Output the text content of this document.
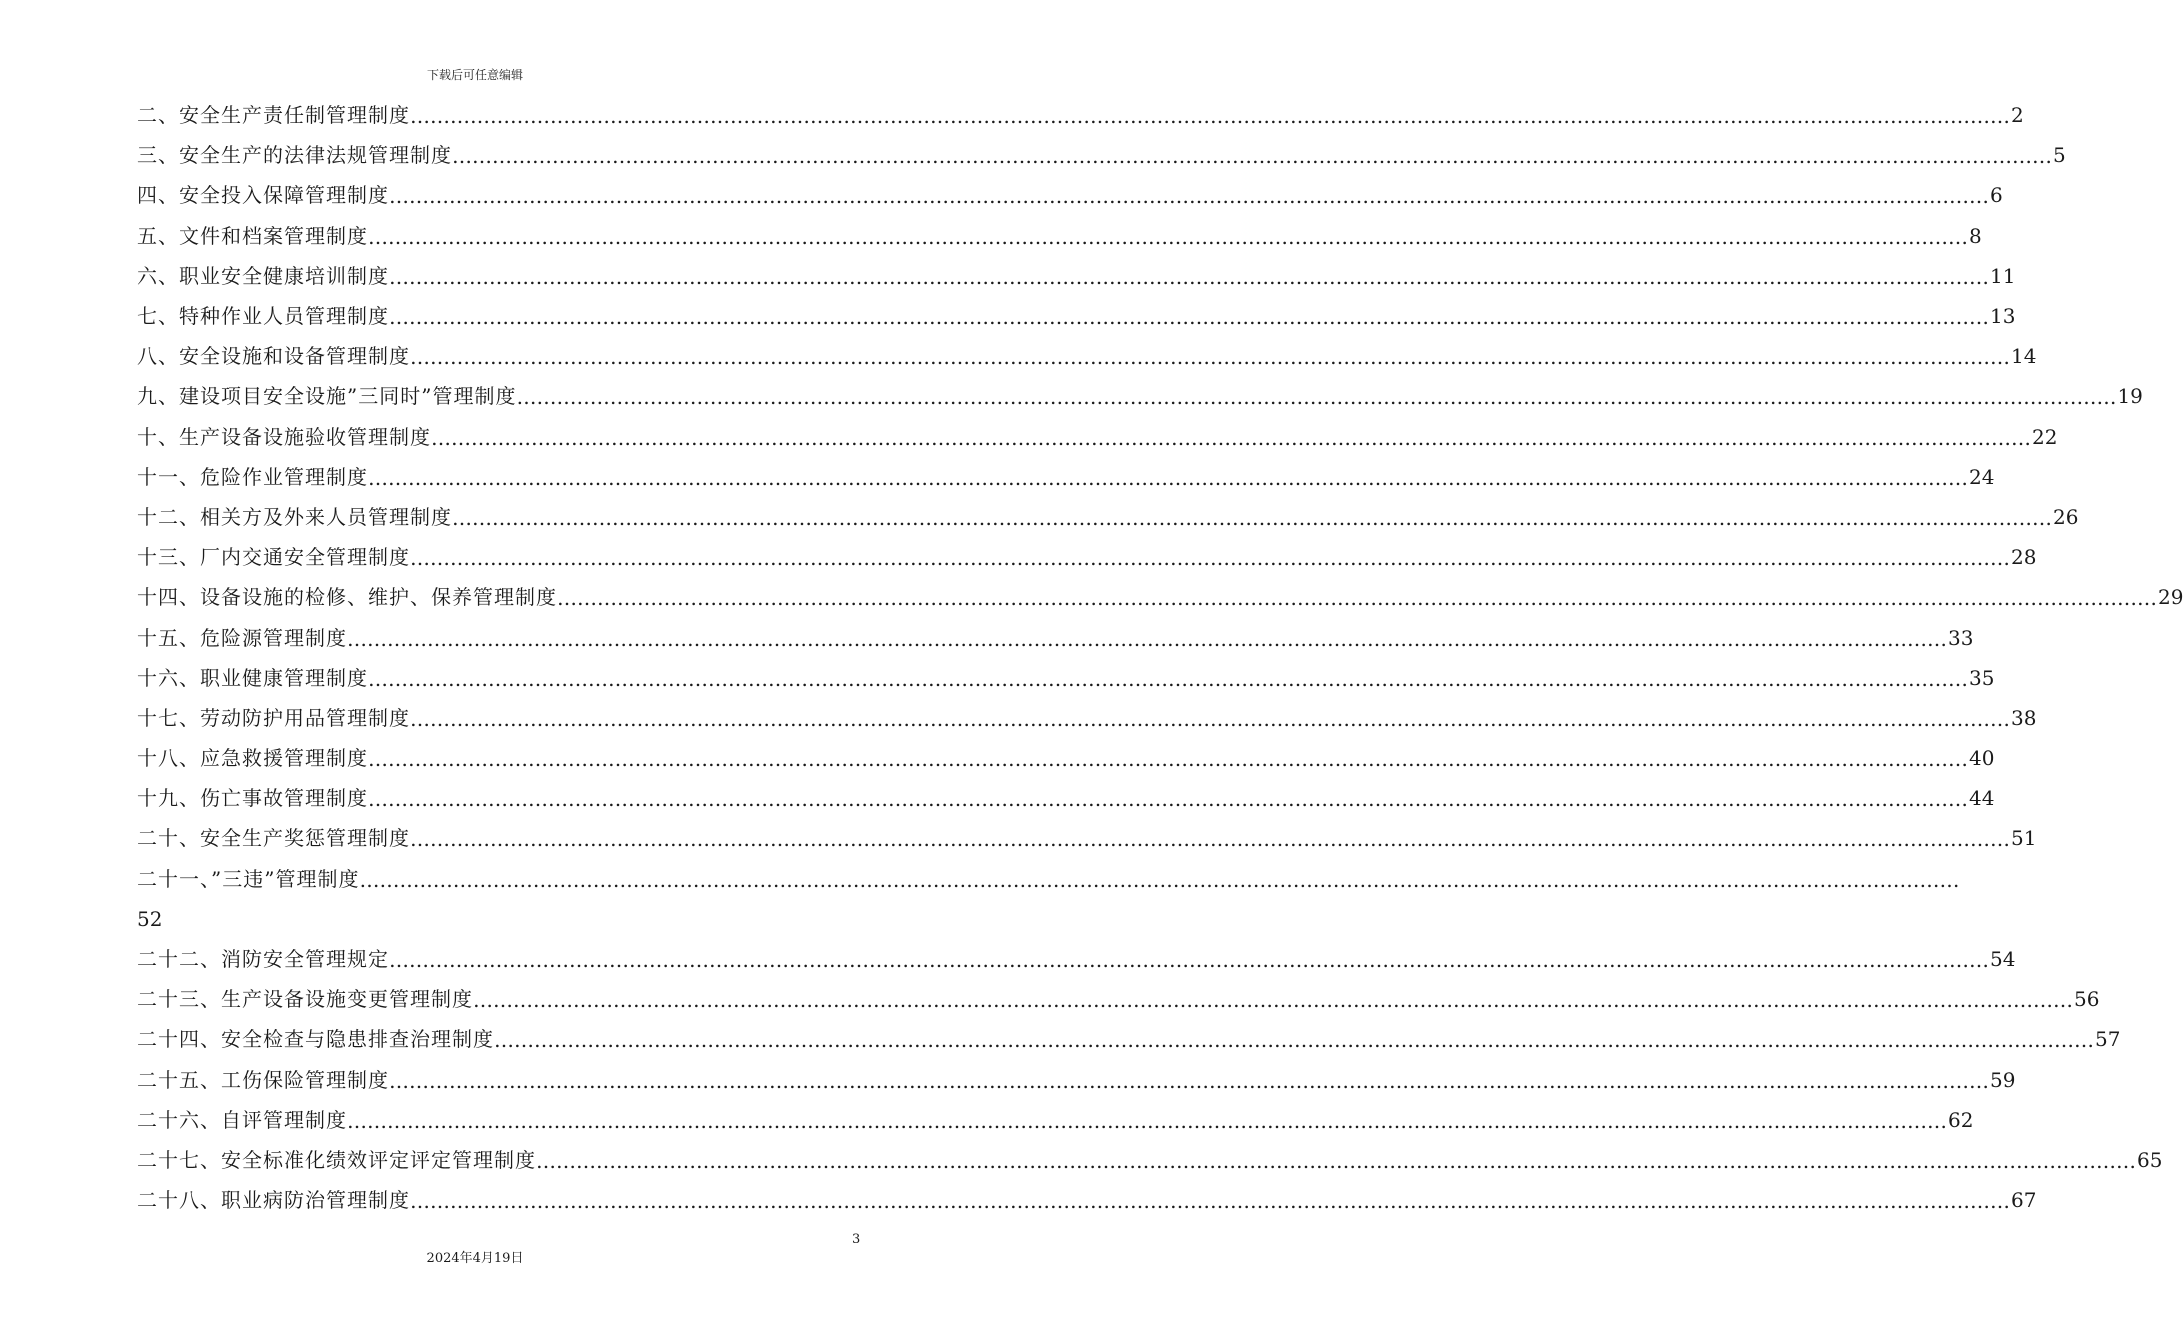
下载后可任意编辑
二、安全生产责任制管理制度 …………………………………………………………………………………………………………………………………………………………………………………………………………………… 2
三、安全生产的法律法规管理制度 …………………………………………………………………………………………………………………………………………………………………………………………………………………… 5
四、安全投入保障管理制度 …………………………………………………………………………………………………………………………………………………………………………………………………………………… 6
五、文件和档案管理制度 …………………………………………………………………………………………………………………………………………………………………………………………………………………… 8
六、职业安全健康培训制度 …………………………………………………………………………………………………………………………………………………………………………………………………………………… 11
七、特种作业人员管理制度 …………………………………………………………………………………………………………………………………………………………………………………………………………………… 13
八、安全设施和设备管理制度 …………………………………………………………………………………………………………………………………………………………………………………………………………………… 14
九、建设项目安全设施”三同时”管理制度 …………………………………………………………………………………………………………………………………………………………………………………………………………………… 19
十、生产设备设施验收管理制度 …………………………………………………………………………………………………………………………………………………………………………………………………………………… 22
十一、危险作业管理制度 …………………………………………………………………………………………………………………………………………………………………………………………………………………… 24
十二、相关方及外来人员管理制度 …………………………………………………………………………………………………………………………………………………………………………………………………………………… 26
十三、厂内交通安全管理制度 …………………………………………………………………………………………………………………………………………………………………………………………………………………… 28
十四、设备设施的检修、维护、保养管理制度 …………………………………………………………………………………………………………………………………………………………………………………………………………………… 29
十五、危险源管理制度 …………………………………………………………………………………………………………………………………………………………………………………………………………………… 33
十六、职业健康管理制度 …………………………………………………………………………………………………………………………………………………………………………………………………………………… 35
十七、劳动防护用品管理制度 …………………………………………………………………………………………………………………………………………………………………………………………………………………… 38
十八、应急救援管理制度 …………………………………………………………………………………………………………………………………………………………………………………………………………………… 40
十九、伤亡事故管理制度 …………………………………………………………………………………………………………………………………………………………………………………………………………………… 44
二十、安全生产奖惩管理制度 …………………………………………………………………………………………………………………………………………………………………………………………………………………… 51
二十一、”三违”管理制度 ……………………………………………………………………………………………………………………………………………………………………………………………………………………
52
二十二、消防安全管理规定 …………………………………………………………………………………………………………………………………………………………………………………………………………………… 54
二十三、生产设备设施变更管理制度 …………………………………………………………………………………………………………………………………………………………………………………………………………………… 56
二十四、安全检查与隐患排查治理制度 …………………………………………………………………………………………………………………………………………………………………………………………………………………… 57
二十五、工伤保险管理制度 …………………………………………………………………………………………………………………………………………………………………………………………………………………… 59
二十六、自评管理制度 …………………………………………………………………………………………………………………………………………………………………………………………………………………… 62
二十七、安全标准化绩效评定评定管理制度 …………………………………………………………………………………………………………………………………………………………………………………………………………………… 65
二十八、职业病防治管理制度 …………………………………………………………………………………………………………………………………………………………………………………………………………………… 67
3
2024年4月19日
